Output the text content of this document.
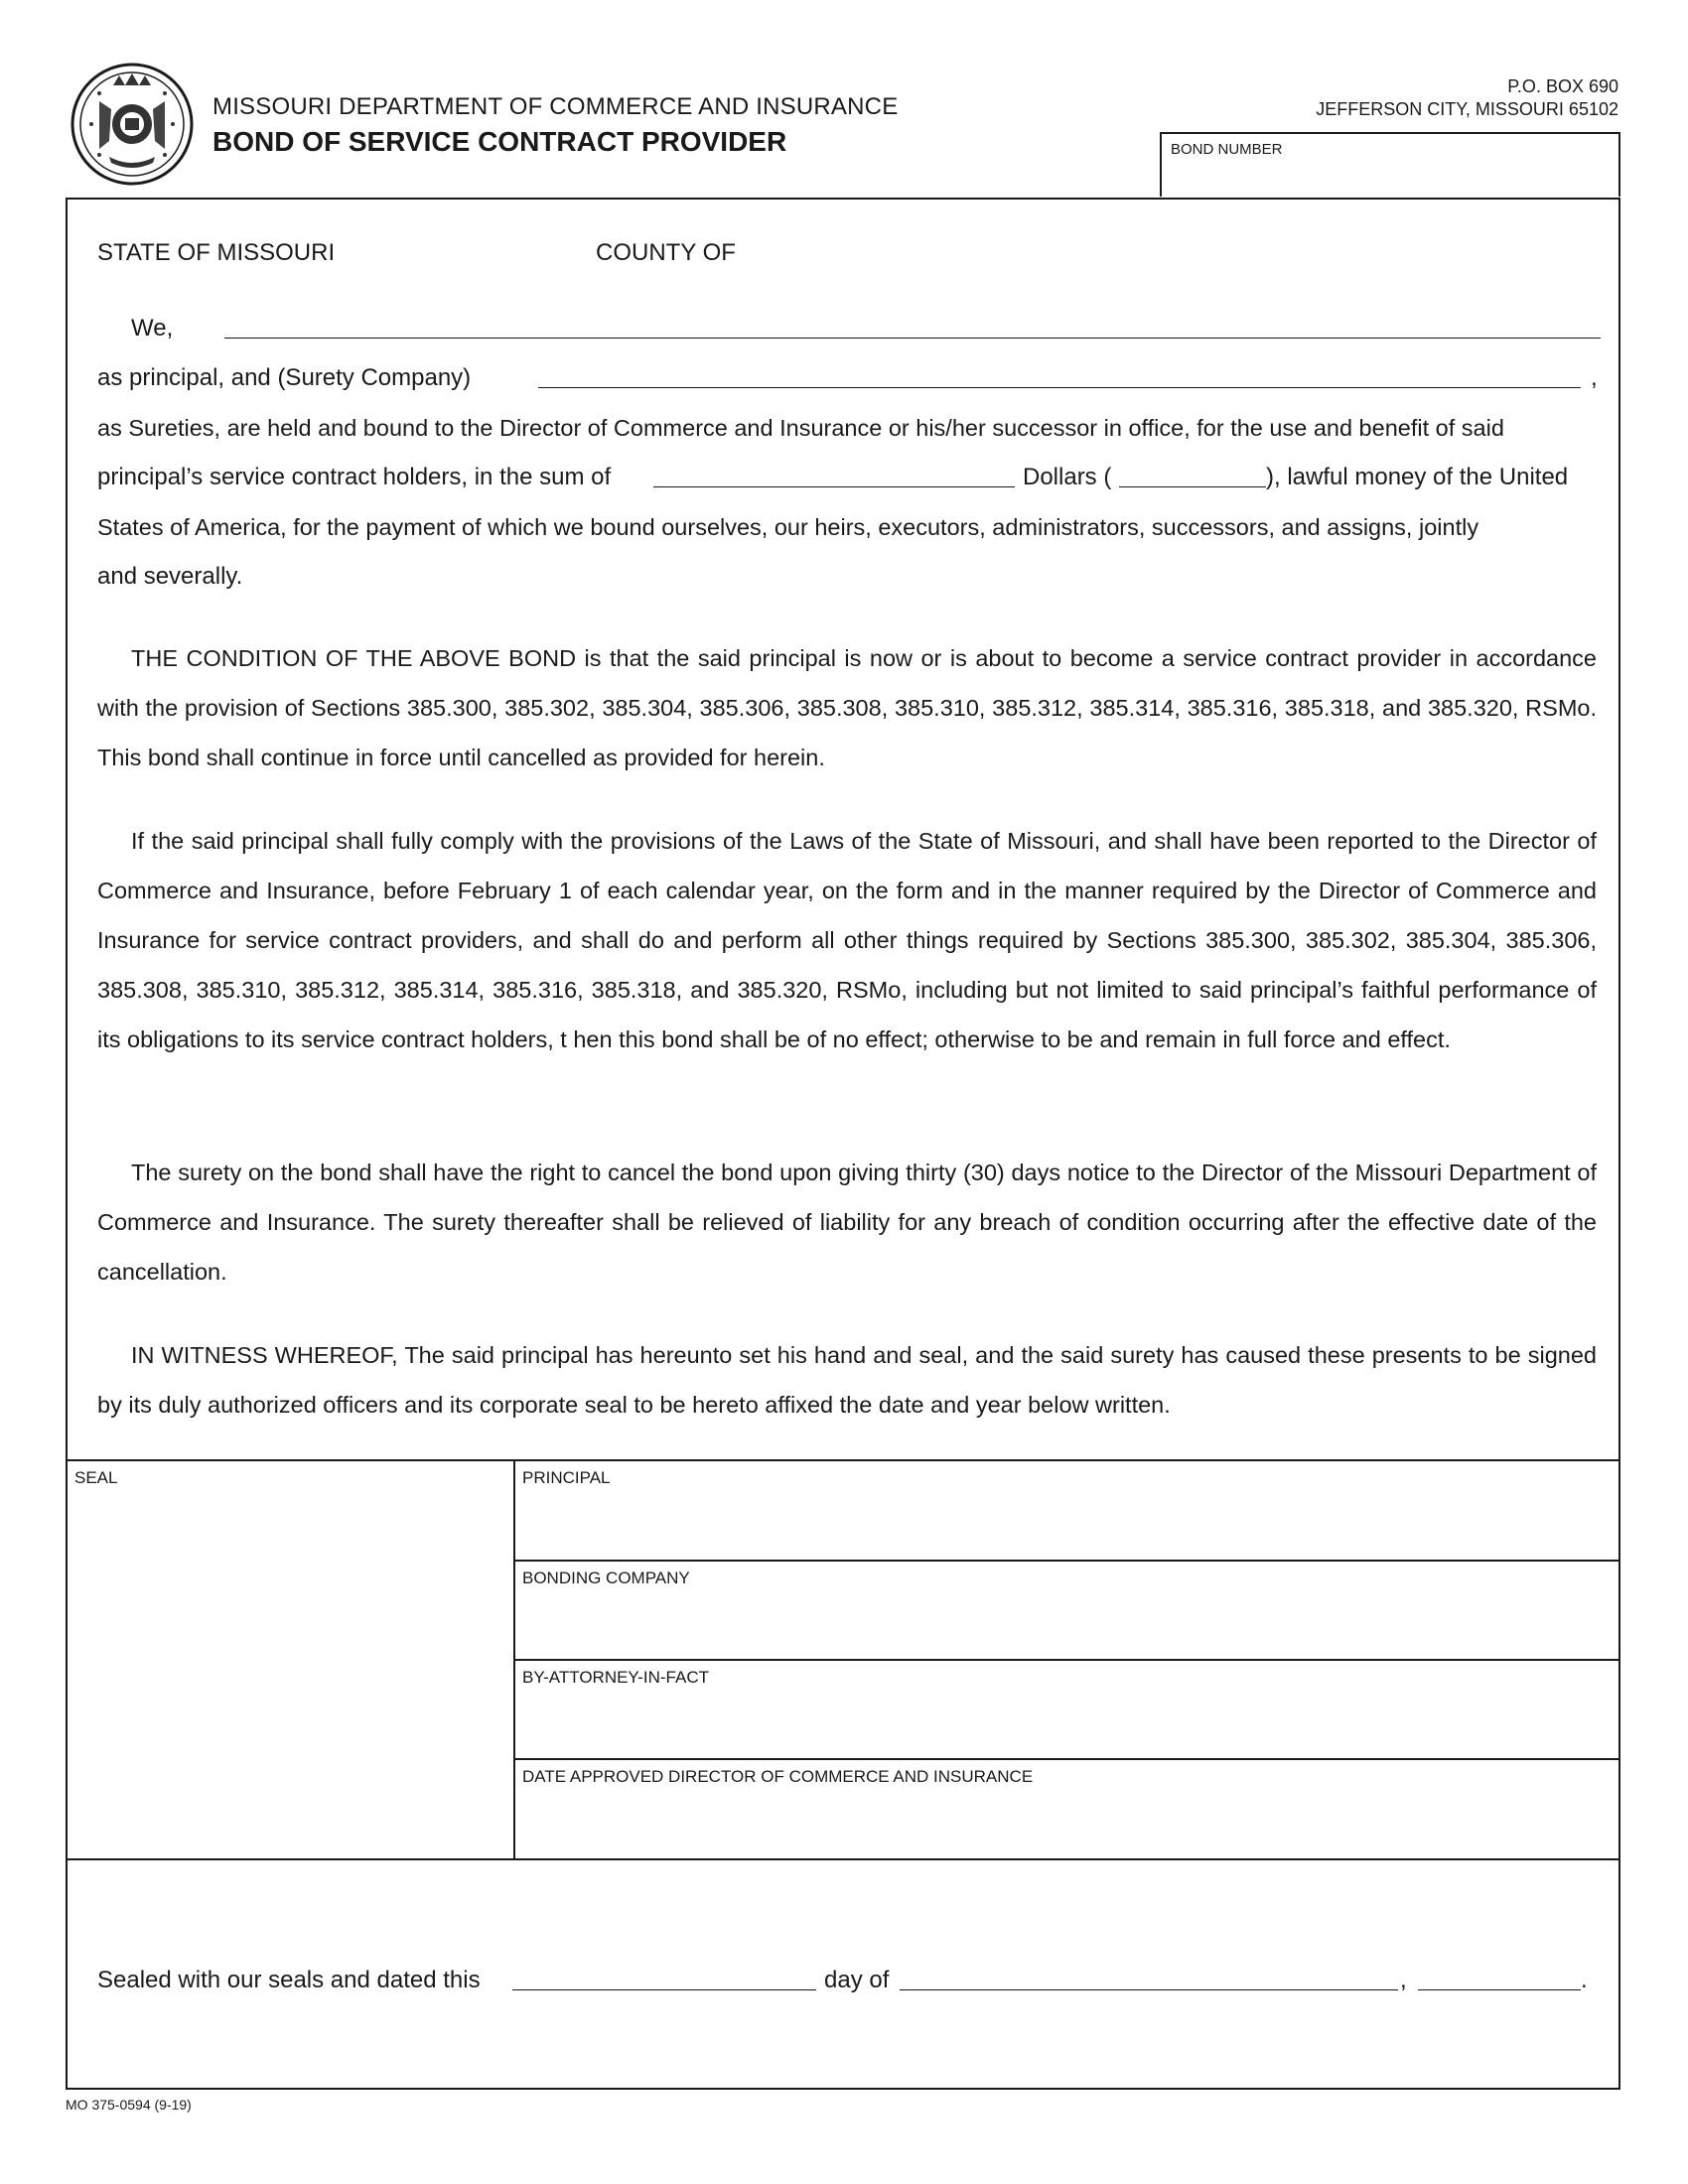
MISSOURI DEPARTMENT OF COMMERCE AND INSURANCE
BOND OF SERVICE CONTRACT PROVIDER
P.O. BOX 690
JEFFERSON CITY, MISSOURI 65102
BOND NUMBER
STATE OF MISSOURI	COUNTY OF
We,
as principal, and (Surety Company)	,
as Sureties, are held and bound to the Director of Commerce and Insurance or his/her successor in office, for the use and benefit of said
principal’s service contract holders, in the sum of	Dollars (	), lawful money of the United
States of America, for the payment of which we bound ourselves, our heirs, executors, administrators, successors, and assigns, jointly
and severally.
THE CONDITION OF THE ABOVE BOND is that the said principal is now or is about to become a service contract provider in accordance with the provision of Sections 385.300, 385.302, 385.304, 385.306, 385.308, 385.310, 385.312, 385.314, 385.316, 385.318, and 385.320, RSMo. This bond shall continue in force until cancelled as provided for herein.
If the said principal shall fully comply with the provisions of the Laws of the State of Missouri, and shall have been reported to the Director of Commerce and Insurance, before February 1 of each calendar year, on the form and in the manner required by the Director of Commerce and Insurance for service contract providers, and shall do and perform all other things required by Sections 385.300, 385.302, 385.304, 385.306, 385.308, 385.310, 385.312, 385.314, 385.316, 385.318, and 385.320, RSMo, including but not limited to said principal’s faithful performance of its obligations to its service contract holders, t hen this bond shall be of no effect; otherwise to be and remain in full force and effect.
The surety on the bond shall have the right to cancel the bond upon giving thirty (30) days notice to the Director of the Missouri Department of Commerce and Insurance. The surety thereafter shall be relieved of liability for any breach of condition occurring after the effective date of the cancellation.
IN WITNESS WHEREOF, The said principal has hereunto set his hand and seal, and the said surety has caused these presents to be signed by its duly authorized officers and its corporate seal to be hereto affixed the date and year below written.
SEAL	PRINCIPAL
BONDING COMPANY
BY-ATTORNEY-IN-FACT
DATE APPROVED DIRECTOR OF COMMERCE AND INSURANCE
Sealed with our seals and dated this	day of	,	.
MO 375-0594 (9-19)
